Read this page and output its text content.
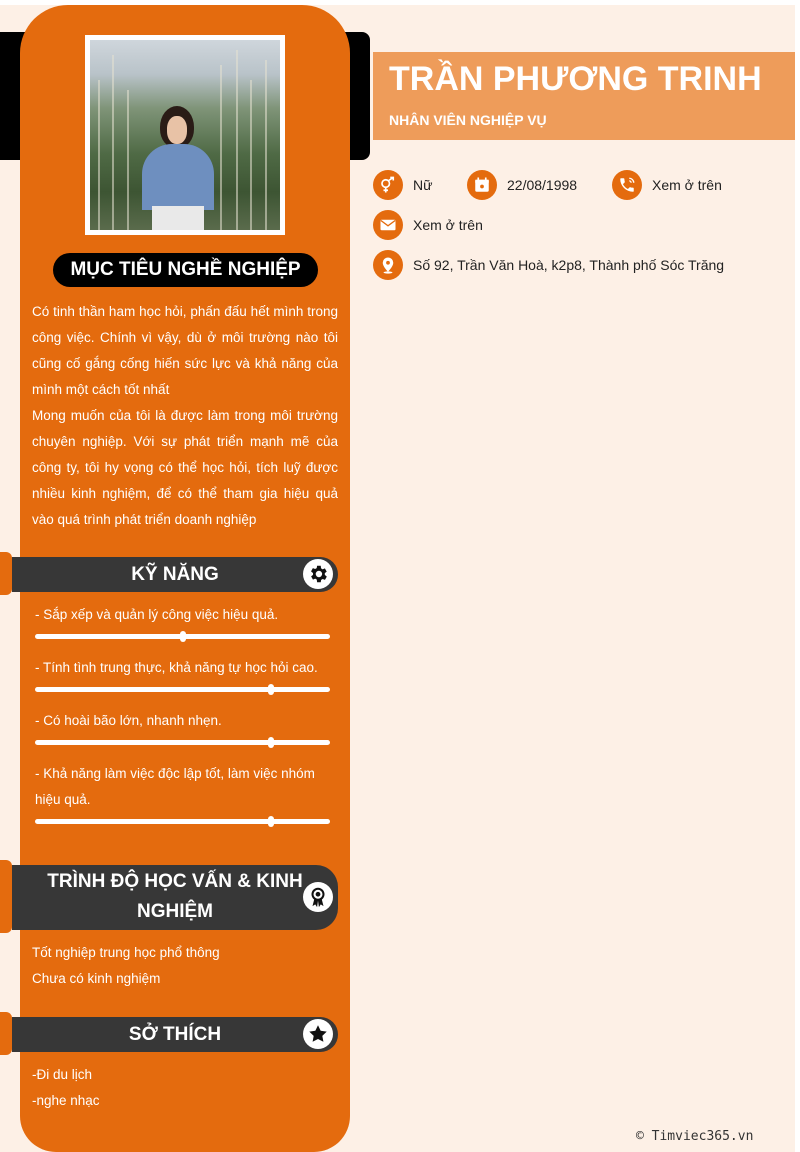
MỤC TIÊU NGHỀ NGHIỆP

Có tinh thần ham học hỏi, phấn đấu hết mình trong công việc. Chính vì vậy, dù ở môi trường nào tôi cũng cố gắng cống hiến sức lực và khả năng của mình một cách tốt nhất

Mong muốn của tôi là được làm trong môi trường chuyên nghiệp. Với sự phát triển mạnh mẽ của công ty, tôi hy vọng có thể học hỏi, tích luỹ được nhiều kinh nghiệm, để có thể tham gia hiệu quả vào quá trình phát triển doanh nghiệp

KỸ NĂNG
- Sắp xếp và quản lý công việc hiệu quả.
- Tính tình trung thực, khả năng tự học hỏi cao.
- Có hoài bão lớn, nhanh nhẹn.
- Khả năng làm việc độc lập tốt, làm việc nhóm hiệu quả.
TRÌNH ĐỘ HỌC VẤN & KINH NGHIỆM

Tốt nghiệp trung học phổ thông

Chưa có kinh nghiệm

SỞ THÍCH

-Đi du lịch

-nghe nhạc

TRẦN PHƯƠNG TRINH
NHÂN VIÊN NGHIỆP VỤ
Nữ	22/08/1998	Xem ở trên
Xem ở trên
Số 92, Trần Văn Hoà, k2p8, Thành phố Sóc Trăng
© Timviec365.vn
